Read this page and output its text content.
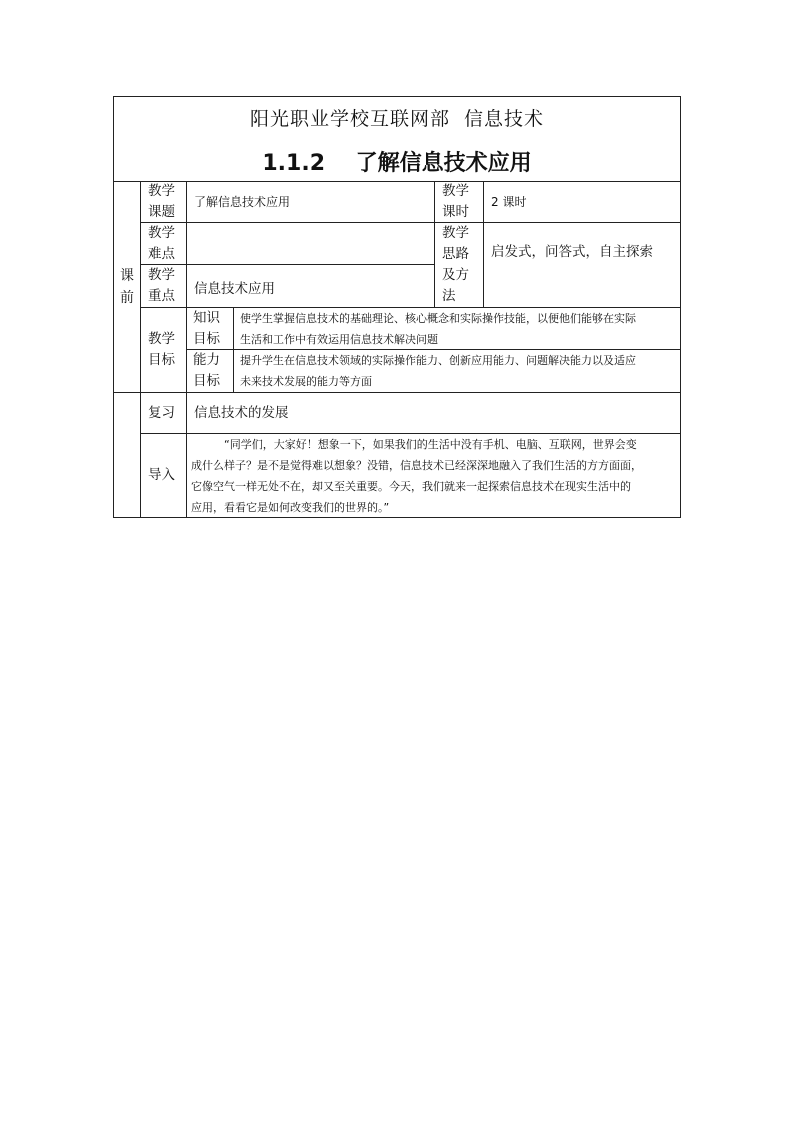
阳光职业学校互联网部  信息技术
1.1.2    了解信息技术应用
课
前
教学
课题
了解信息技术应用
教学
课时
2 课时
教学
难点
教学
思路
及方
法
启发式，问答式，自主探索
教学
重点 信息技术应用
教学
目标
知识
目标
使学生掌握信息技术的基础理论、核心概念和实际操作技能，以便他们能够在实际
生活和工作中有效运用信息技术解决问题
能力
目标
提升学生在信息技术领域的实际操作能力、创新应用能力、问题解决能力以及适应
未来技术发展的能力等方面
复习 信息技术的发展
导入
　　　“同学们，大家好！想象一下，如果我们的生活中没有手机、电脑、互联网，世界会变
成什么样子？是不是觉得难以想象？没错，信息技术已经深深地融入了我们生活的方方面面，
它像空气一样无处不在，却又至关重要。今天，我们就来一起探索信息技术在现实生活中的
应用，看看它是如何改变我们的世界的。”
